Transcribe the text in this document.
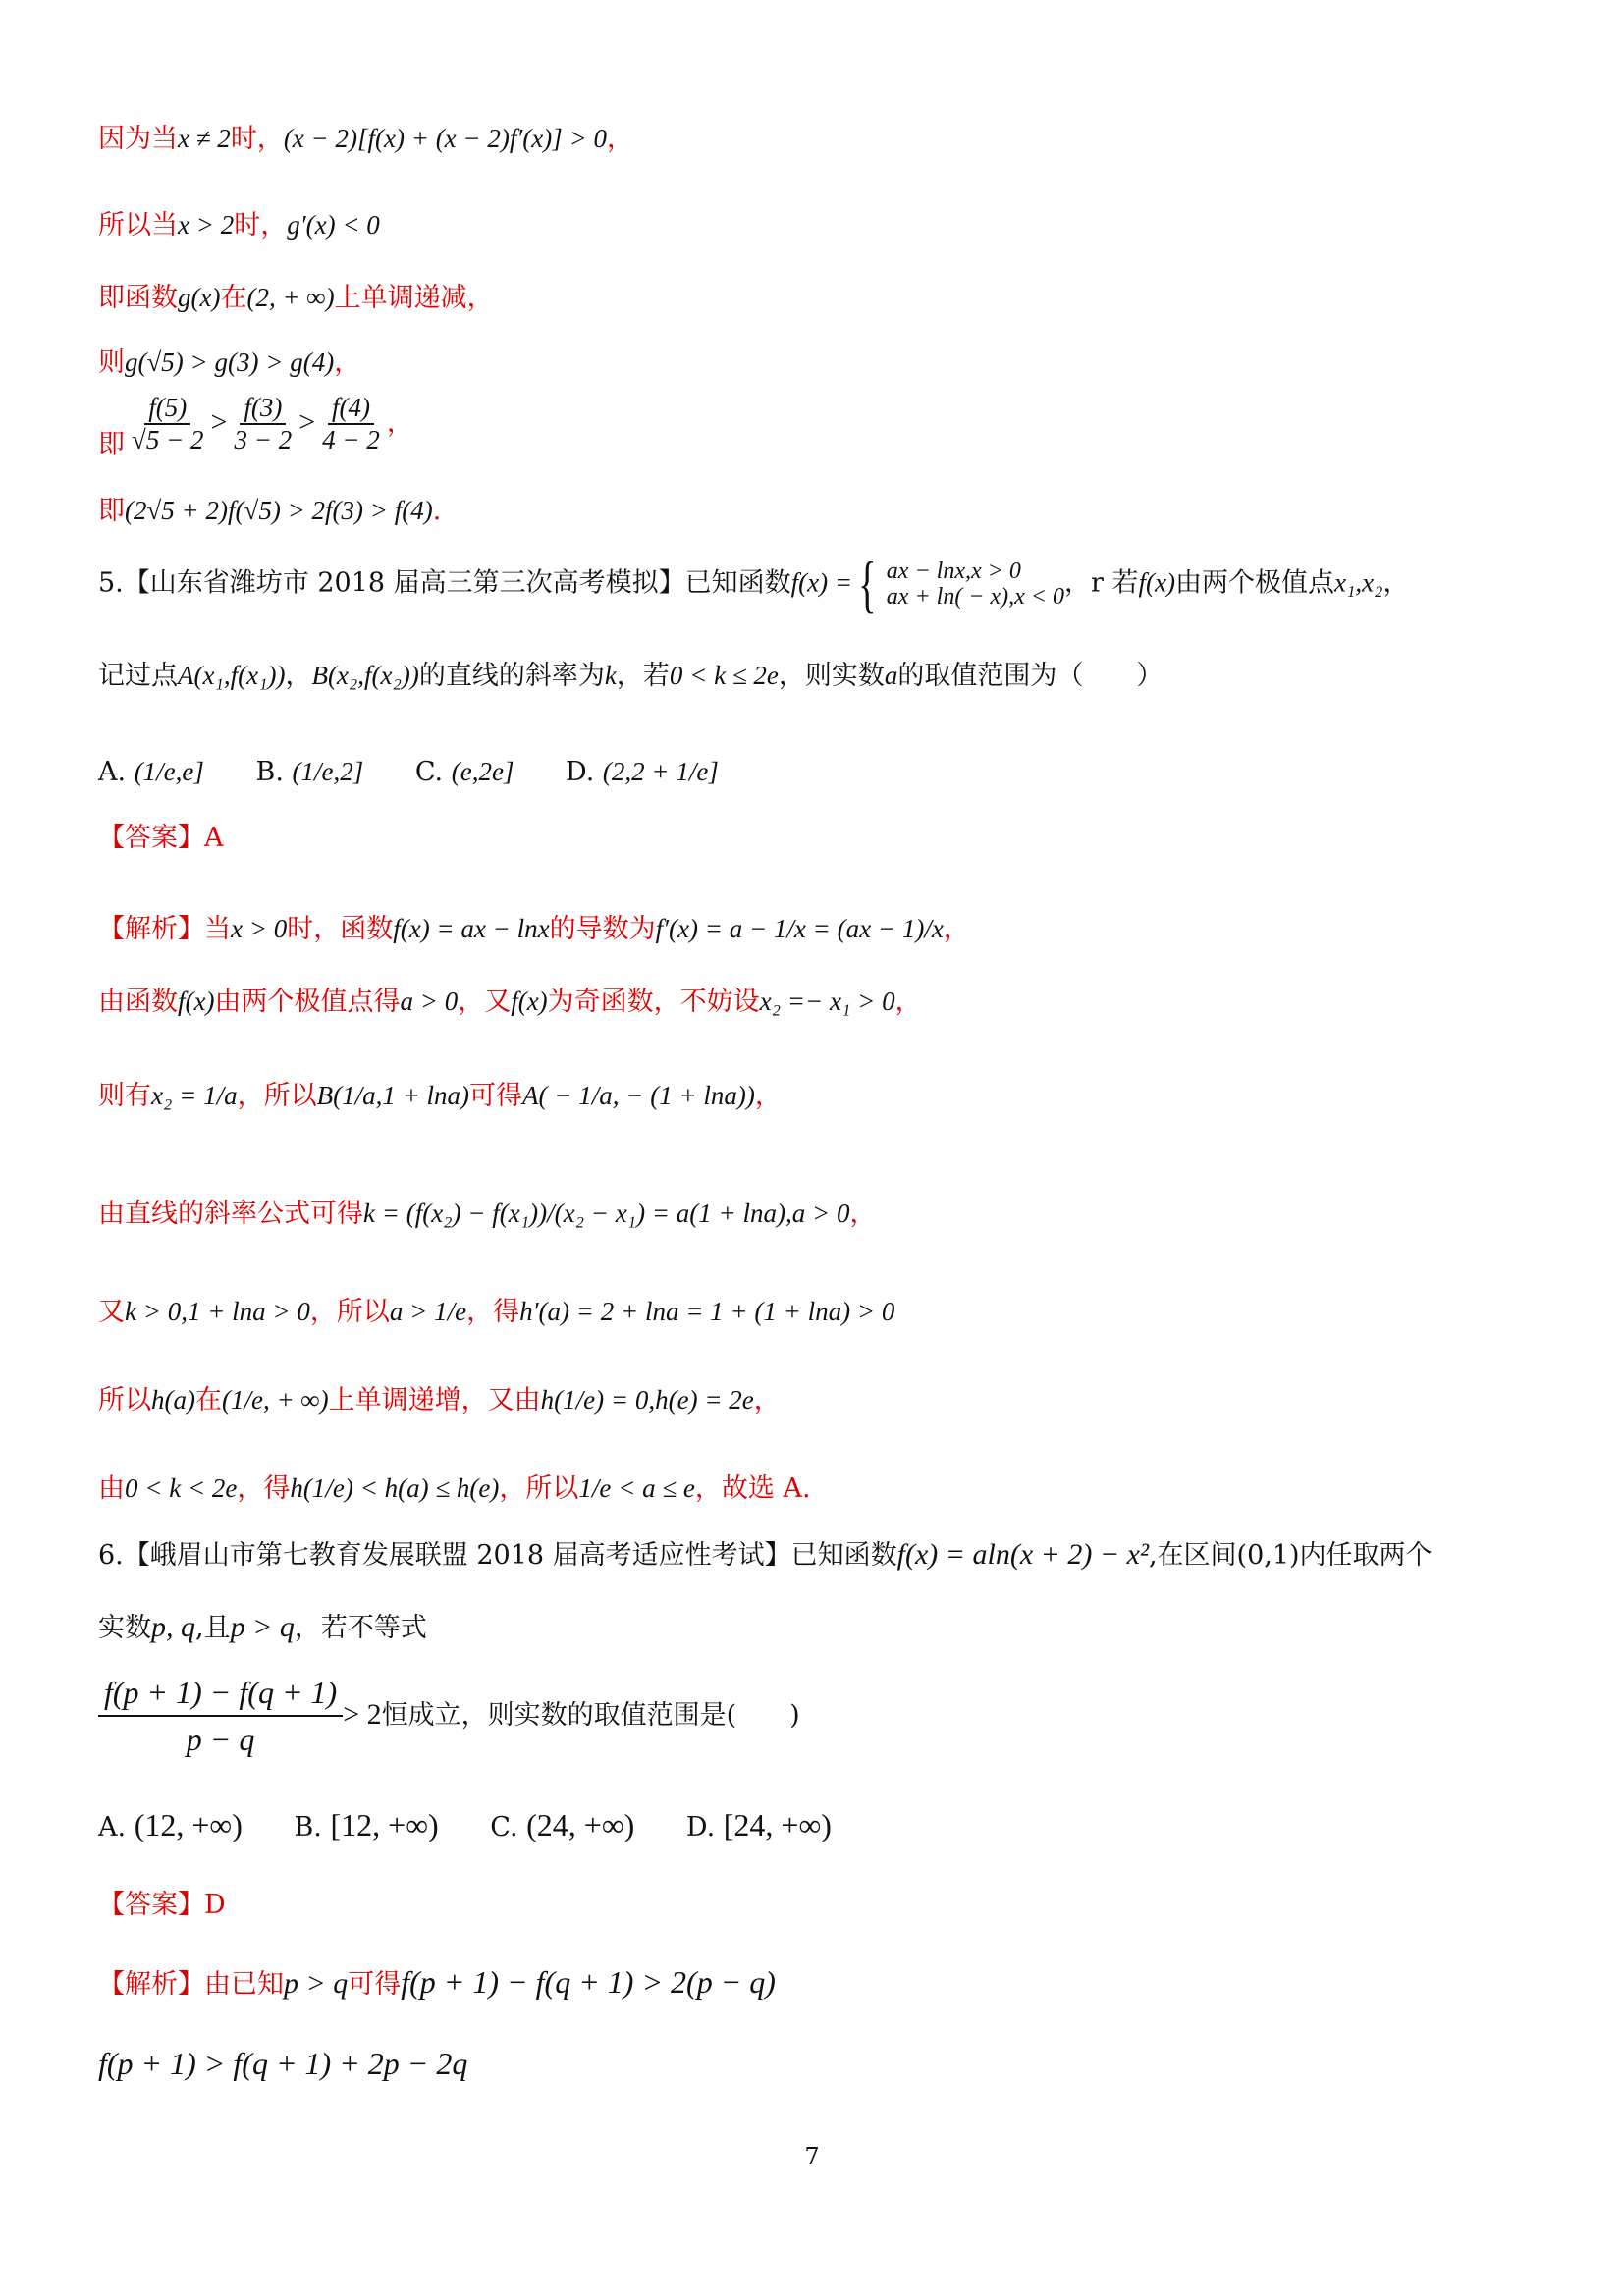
因为当x ≠ 2时，(x − 2)[f(x) + (x − 2)f′(x)] > 0，
所以当x > 2时，g′(x) < 0
即函数g(x)在(2, + ∞)上单调递减，
则g(√5) > g(3) > g(4)，
即 $\frac{f(5)}{√5 - 2} > \frac{f(3)}{3 - 2} > \frac{f(4)}{4 - 2}$ ，
即(2√5 + 2)f(√5) > 2f(3) > f(4).
5.【山东省潍坊市 2018 届高三第三次高考模拟】已知函数f(x) = { ax − lnx,x > 0
ax + ln( − x),x < 0 ，r 若f(x)由两个极值点x₁,x₂，
记过点A(x₁,f(x₁))，B(x₂,f(x₂))的直线的斜率为k，若0 < k ≤ 2e，则实数a的取值范围为（　　）
A. (1/e,e] B. (1/e,2] C. (e,2e] D. (2,2 + 1/e]
【答案】A
【解析】当x > 0时，函数f(x) = ax − lnx的导数为f′(x) = a − 1/x = (ax − 1)/x，
由函数f(x)由两个极值点得a > 0，又f(x)为奇函数，不妨设x₂ =− x₁ > 0，
则有x₂ = 1/a，所以B(1/a,1 + lna)可得A( − 1/a, − (1 + lna))，
由直线的斜率公式可得k = (f(x₂) − f(x₁))/(x₂ − x₁) = a(1 + lna),a > 0，
又k > 0,1 + lna > 0，所以a > 1/e，得h′(a) = 2 + lna = 1 + (1 + lna) > 0
所以h(a)在(1/e, + ∞)上单调递增，又由h(1/e) = 0,h(e) = 2e，
由0 < k < 2e，得h(1/e) < h(a) ≤ h(e)，所以1/e < a ≤ e，故选 A.
6.【峨眉山市第七教育发展联盟 2018 届高考适应性考试】已知函数f(x) = aln(x + 2) − x²,在区间(0,1)内任取两个
实数p, q,且p > q，若不等式
$\frac{f(p + 1) - f(q + 1)}{p - q} > 2$恒成立，则实数的取值范围是(　　)
A. (12, +∞) B. [12, +∞) C. (24, +∞) D. [24, +∞)
【答案】D
【解析】由已知p > q可得f(p + 1) − f(q + 1) > 2(p − q)
f(p + 1) > f(q + 1) + 2p − 2q
7
